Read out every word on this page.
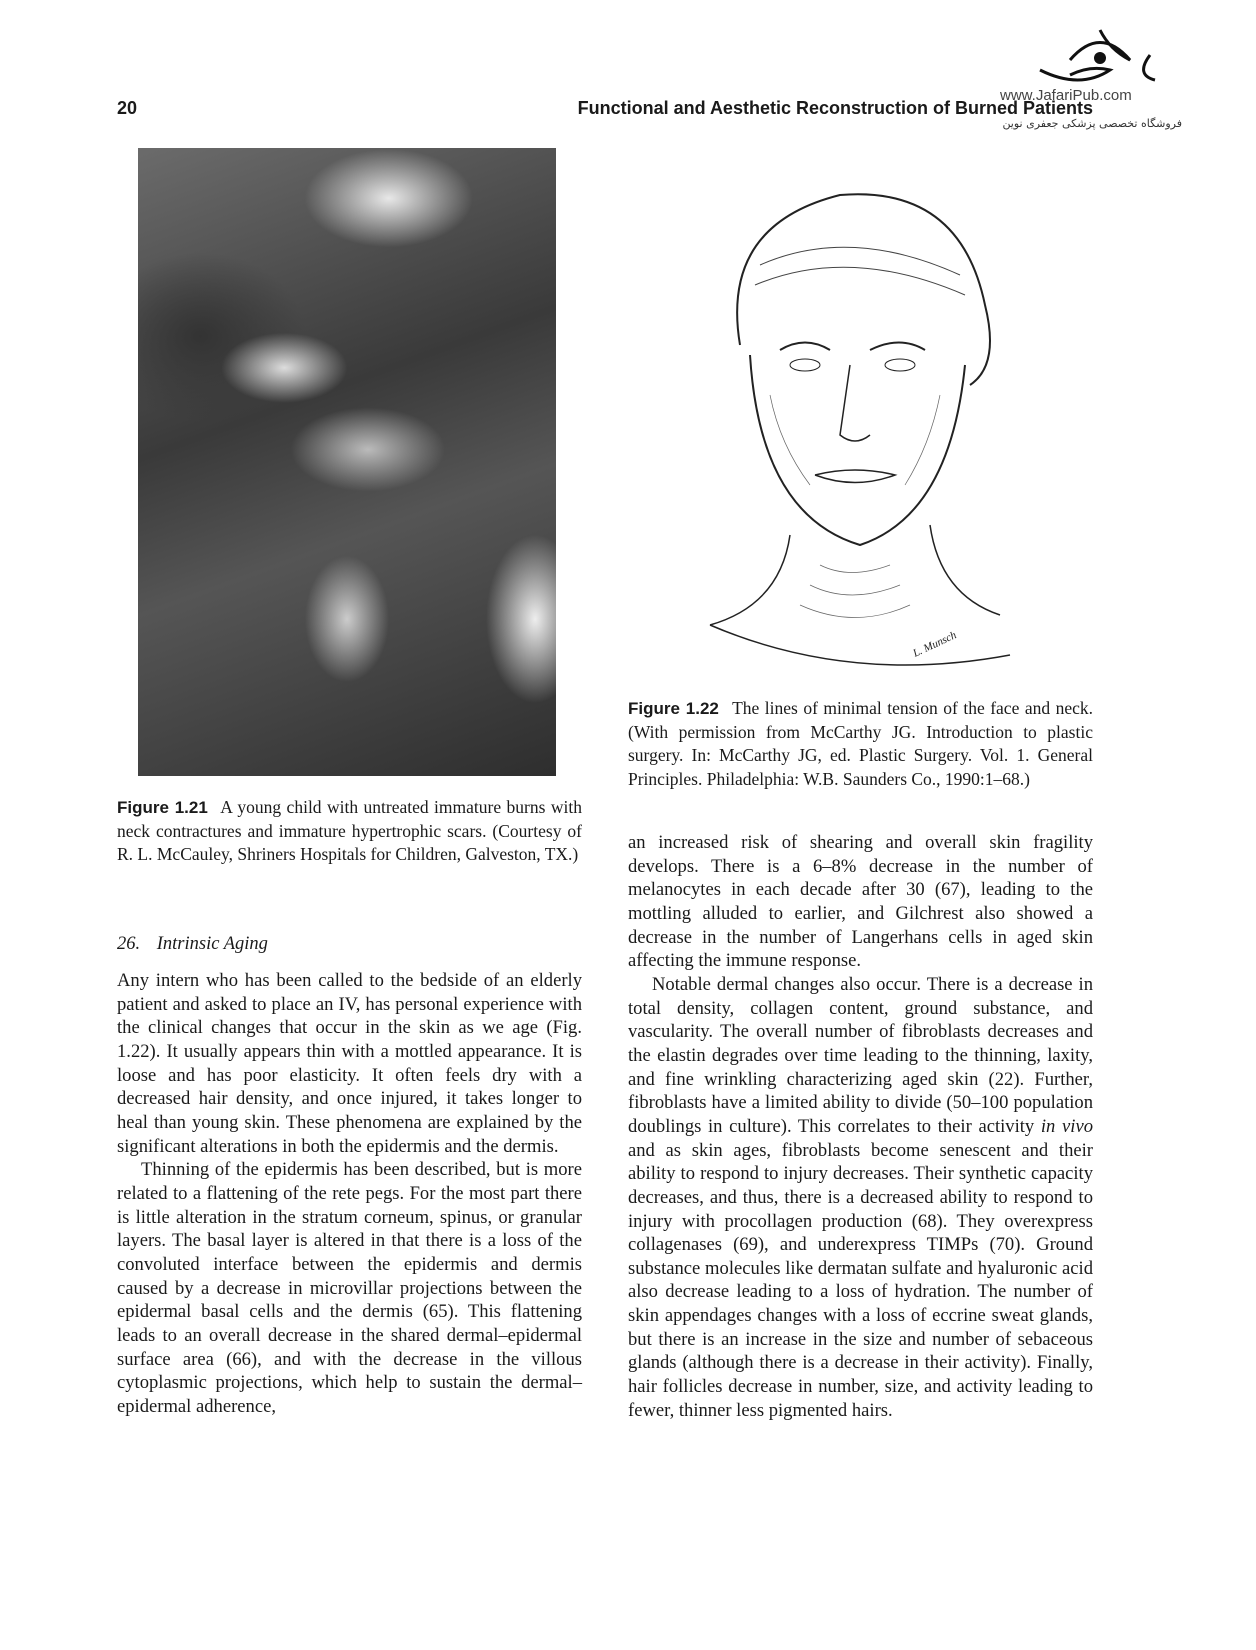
20	Functional and Aesthetic Reconstruction of Burned Patients
www.JafariPub.com
فروشگاه تخصصی پزشکی جعفری نوین
L. Munsch
Figure 1.21 A young child with untreated immature burns with neck contractures and immature hypertrophic scars. (Courtesy of R. L. McCauley, Shriners Hospitals for Children, Galveston, TX.)
Figure 1.22 The lines of minimal tension of the face and neck. (With permission from McCarthy JG. Introduction to plastic surgery. In: McCarthy JG, ed. Plastic Surgery. Vol. 1. General Principles. Philadelphia: W.B. Saunders Co., 1990:1–68.)
26. Intrinsic Aging

Any intern who has been called to the bedside of an elderly patient and asked to place an IV, has personal experience with the clinical changes that occur in the skin as we age (Fig. 1.22). It usually appears thin with a mottled appearance. It is loose and has poor elasticity. It often feels dry with a decreased hair density, and once injured, it takes longer to heal than young skin. These phenomena are explained by the significant alterations in both the epidermis and the dermis.

Thinning of the epidermis has been described, but is more related to a flattening of the rete pegs. For the most part there is little alteration in the stratum corneum, spinus, or granular layers. The basal layer is altered in that there is a loss of the convoluted interface between the epidermis and dermis caused by a decrease in microvillar projections between the epidermal basal cells and the dermis (65). This flattening leads to an overall decrease in the shared dermal–epidermal surface area (66), and with the decrease in the villous cytoplasmic projections, which help to sustain the dermal–epidermal adherence,

an increased risk of shearing and overall skin fragility develops. There is a 6–8% decrease in the number of melanocytes in each decade after 30 (67), leading to the mottling alluded to earlier, and Gilchrest also showed a decrease in the number of Langerhans cells in aged skin affecting the immune response.

Notable dermal changes also occur. There is a decrease in total density, collagen content, ground substance, and vascularity. The overall number of fibroblasts decreases and the elastin degrades over time leading to the thinning, laxity, and fine wrinkling characterizing aged skin (22). Further, fibroblasts have a limited ability to divide (50–100 population doublings in culture). This correlates to their activity in vivo and as skin ages, fibroblasts become senescent and their ability to respond to injury decreases. Their synthetic capacity decreases, and thus, there is a decreased ability to respond to injury with procollagen production (68). They overexpress collagenases (69), and underexpress TIMPs (70). Ground substance molecules like dermatan sulfate and hyaluronic acid also decrease leading to a loss of hydration. The number of skin appendages changes with a loss of eccrine sweat glands, but there is an increase in the size and number of sebaceous glands (although there is a decrease in their activity). Finally, hair follicles decrease in number, size, and activity leading to fewer, thinner less pigmented hairs.
